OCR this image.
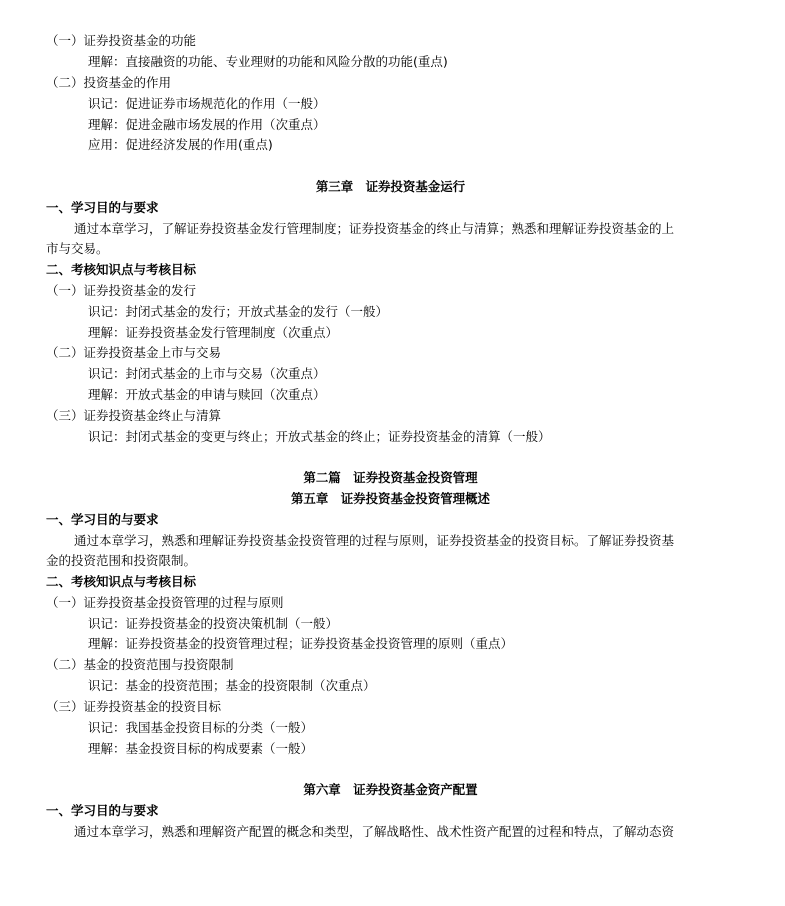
（一）证券投资基金的功能
理解：直接融资的功能、专业理财的功能和风险分散的功能(重点)
（二）投资基金的作用
识记：促进证券市场规范化的作用（一般）
理解：促进金融市场发展的作用（次重点）
应用：促进经济发展的作用(重点)
第三章　证券投资基金运行
一、学习目的与要求
通过本章学习，了解证券投资基金发行管理制度；证券投资基金的终止与清算；熟悉和理解证券投资基金的上
市与交易。
二、考核知识点与考核目标
（一）证券投资基金的发行
识记：封闭式基金的发行；开放式基金的发行（一般）
理解：证券投资基金发行管理制度（次重点）
（二）证券投资基金上市与交易
识记：封闭式基金的上市与交易（次重点）
理解：开放式基金的申请与赎回（次重点）
（三）证券投资基金终止与清算
识记：封闭式基金的变更与终止；开放式基金的终止；证券投资基金的清算（一般）
第二篇　证券投资基金投资管理
第五章　证券投资基金投资管理概述
一、学习目的与要求
通过本章学习，熟悉和理解证券投资基金投资管理的过程与原则，证券投资基金的投资目标。了解证券投资基
金的投资范围和投资限制。
二、考核知识点与考核目标
（一）证券投资基金投资管理的过程与原则
识记：证券投资基金的投资决策机制（一般）
理解：证券投资基金的投资管理过程；证券投资基金投资管理的原则（重点）
（二）基金的投资范围与投资限制
识记：基金的投资范围；基金的投资限制（次重点）
（三）证券投资基金的投资目标
识记：我国基金投资目标的分类（一般）
理解：基金投资目标的构成要素（一般）
第六章　证券投资基金资产配置
一、学习目的与要求
通过本章学习，熟悉和理解资产配置的概念和类型，了解战略性、战术性资产配置的过程和特点，了解动态资
